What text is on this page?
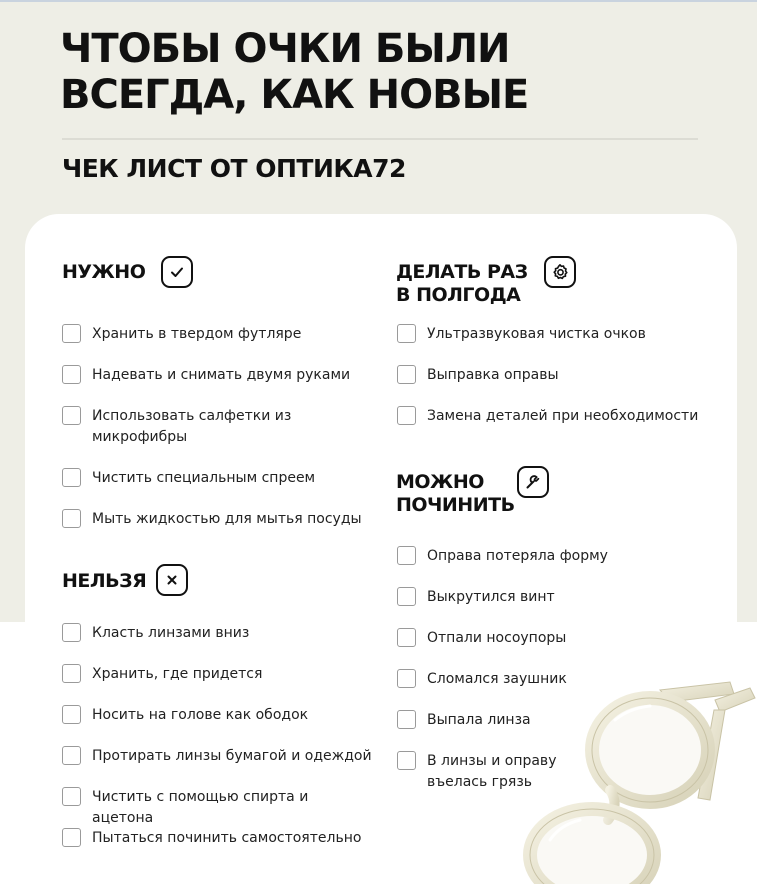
ЧТОБЫ ОЧКИ БЫЛИ
ВСЕГДА, КАК НОВЫЕ
ЧЕК ЛИСТ ОТ ОПТИКА72
НУЖНО
Хранить в твердом футляре
Надевать и снимать двумя руками
Использовать салфетки из микрофибры
Чистить специальным спреем
Мыть жидкостью для мытья посуды
НЕЛЬЗЯ
Класть линзами вниз
Хранить, где придется
Носить на голове как ободок
Протирать линзы бумагой и одеждой
Чистить с помощью спирта и ацетона
Пытаться починить самостоятельно
ДЕЛАТЬ РАЗ
В ПОЛГОДА
Ультразвуковая чистка очков
Выправка оправы
Замена деталей при необходимости
МОЖНО
ПОЧИНИТЬ
Оправа потеряла форму
Выкрутился винт
Отпали носоупоры
Сломался заушник
Выпала линза
В линзы и оправу въелась грязь
